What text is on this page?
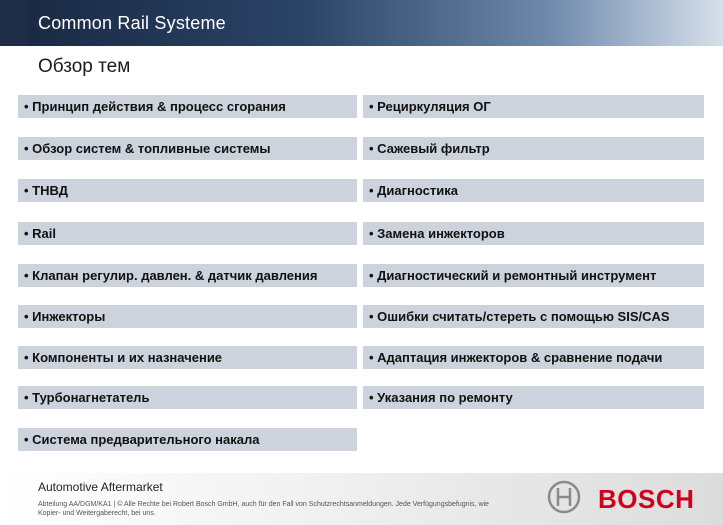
Common Rail Systeme
Обзор тем
• Принцип действия & процесс сгорания
• Обзор систем & топливные системы
• ТНВД
• Rail
• Клапан регулир. давлен. & датчик давления
• Инжекторы
• Компоненты и их назначение
• Турбонагнетатель
• Система предварительного накала
• Рециркуляция ОГ
• Сажевый фильтр
• Диагностика
• Замена инжекторов
• Диагностический и ремонтный инструмент
• Ошибки считать/стереть с помощью SIS/CAS
• Адаптация инжекторов & сравнение подачи
• Указания по ремонту
Automotive Aftermarket
Abteilung AA/DGM/KA1 | © Alle Rechte bei Robert Bosch GmbH, auch für den Fall von Schutzrechtsanmeldungen. Jede Verfügungsbefugnis, wie Kopier- und Weitergaberecht, bei uns.	BOSCH
